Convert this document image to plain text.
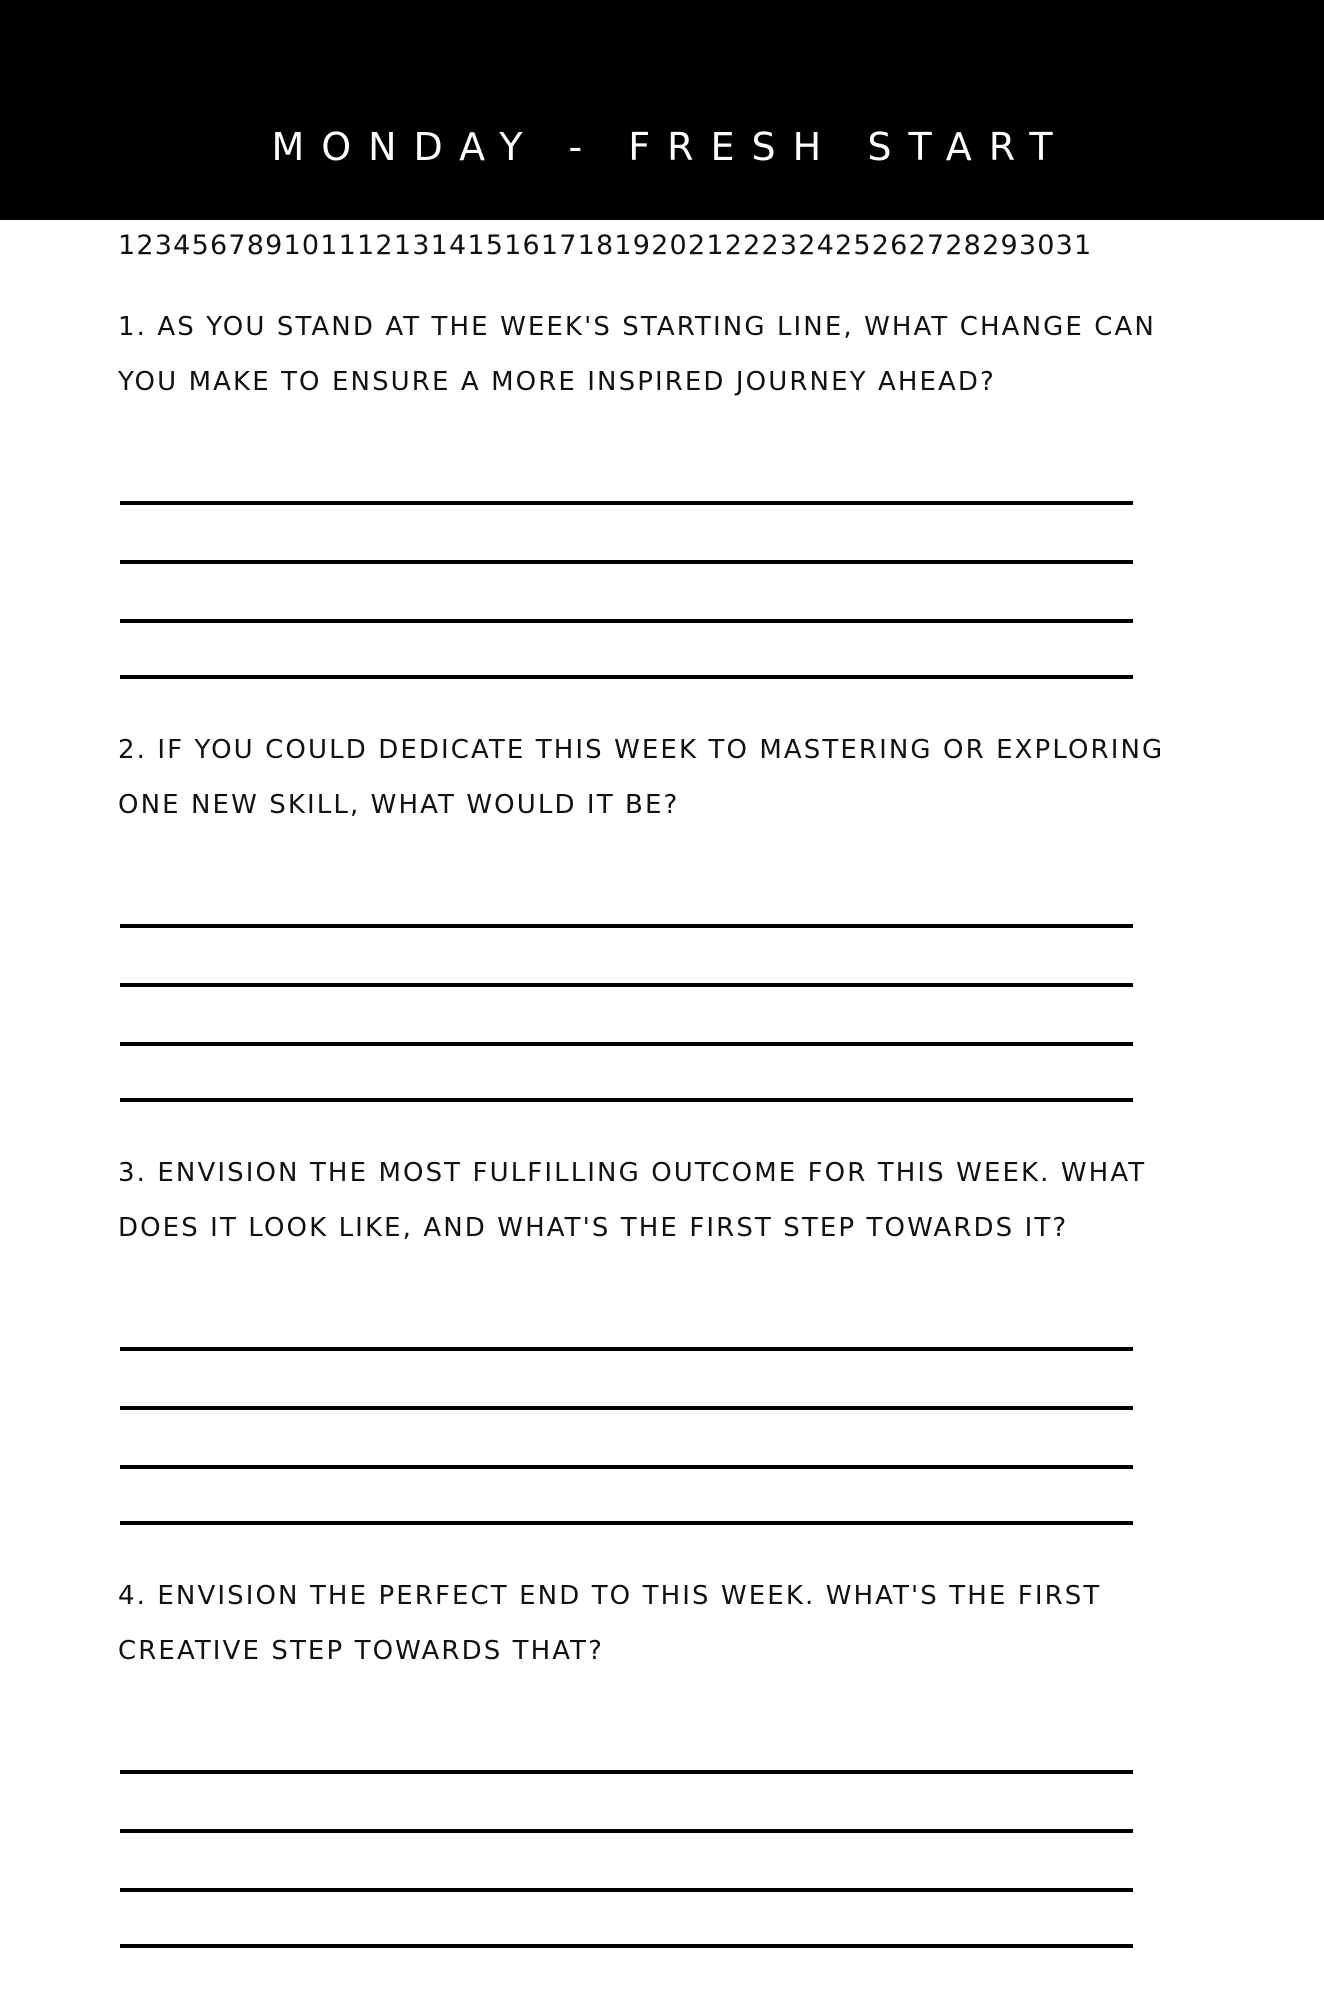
MONDAY - FRESH START
12345678910111213141516171819202122232425262728293031
1. AS YOU STAND AT THE WEEK'S STARTING LINE, WHAT CHANGE CAN
YOU MAKE TO ENSURE A MORE INSPIRED JOURNEY AHEAD?
2. IF YOU COULD DEDICATE THIS WEEK TO MASTERING OR EXPLORING
ONE NEW SKILL, WHAT WOULD IT BE?
3. ENVISION THE MOST FULFILLING OUTCOME FOR THIS WEEK. WHAT
DOES IT LOOK LIKE, AND WHAT'S THE FIRST STEP TOWARDS IT?
4. ENVISION THE PERFECT END TO THIS WEEK. WHAT'S THE FIRST
CREATIVE STEP TOWARDS THAT?
